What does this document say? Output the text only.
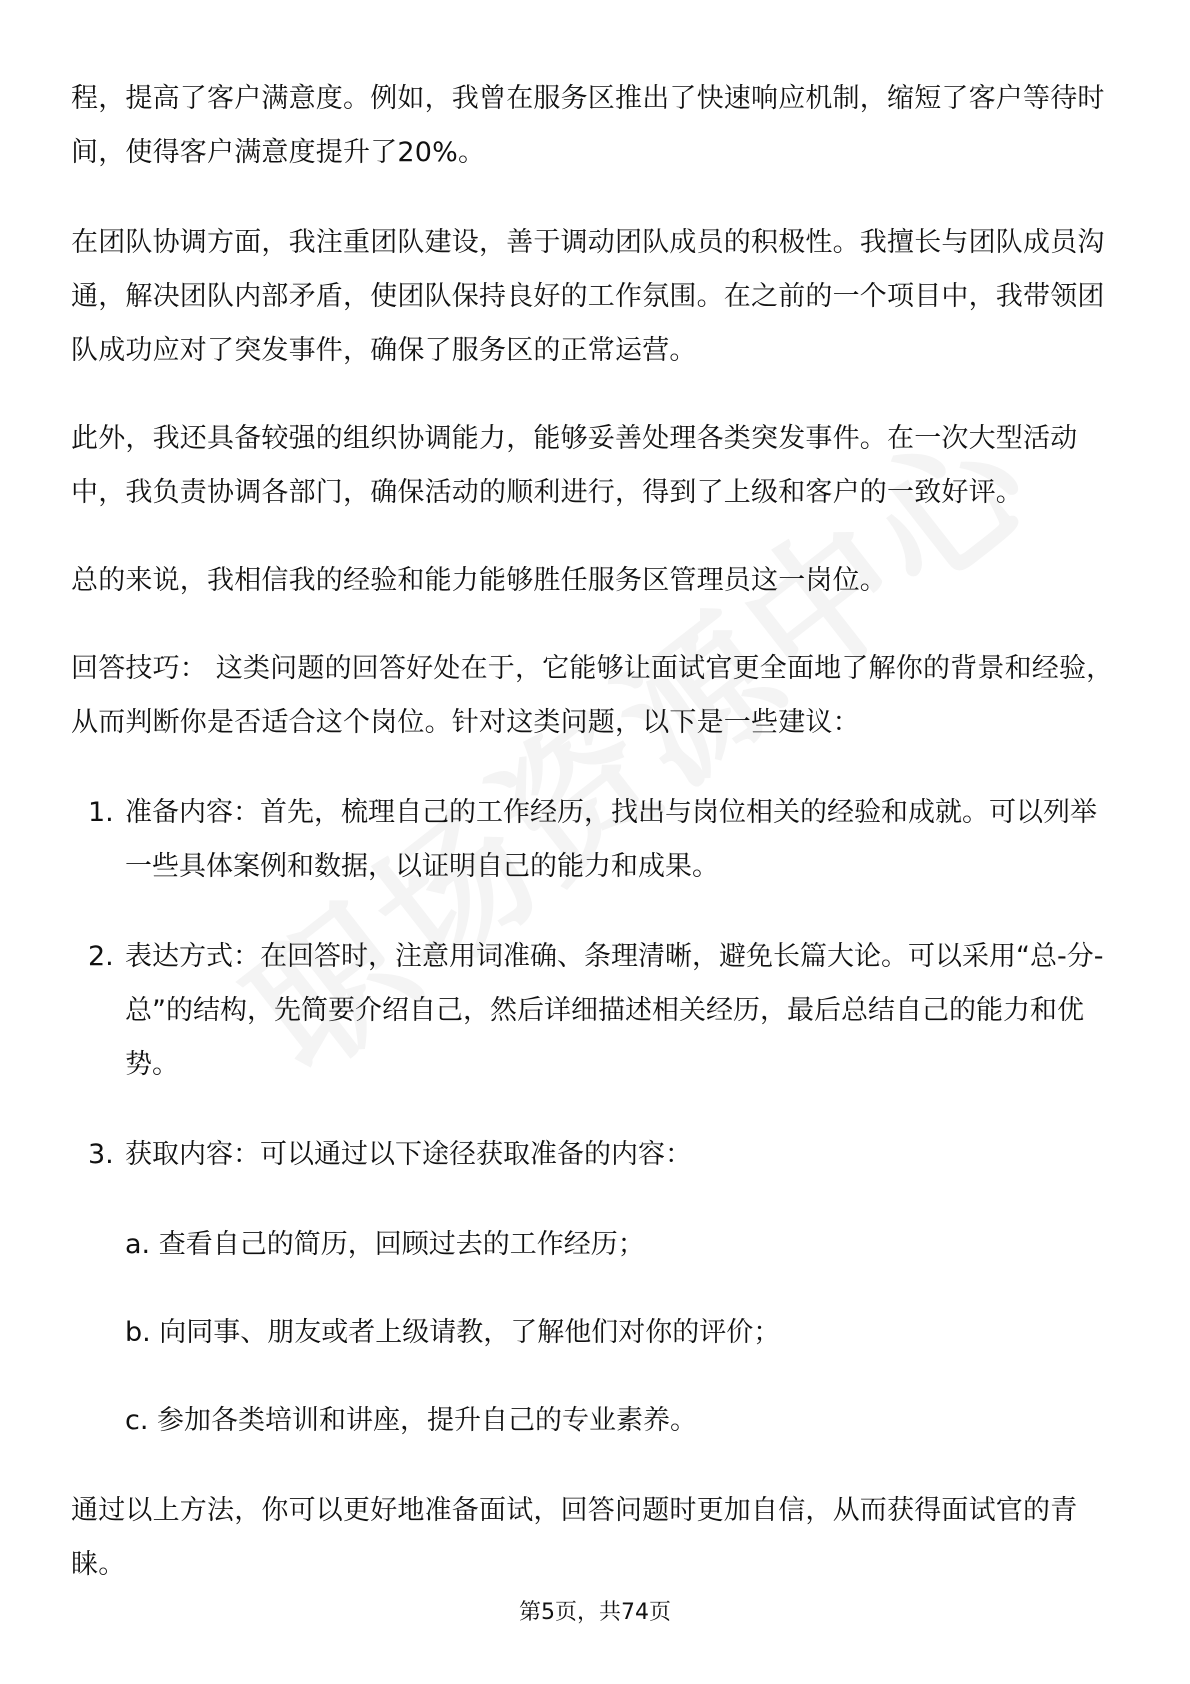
程，提高了客户满意度。例如，我曾在服务区推出了快速响应机制，缩短了客户等待时间，使得客户满意度提升了20%。

在团队协调方面，我注重团队建设，善于调动团队成员的积极性。我擅长与团队成员沟通，解决团队内部矛盾，使团队保持良好的工作氛围。在之前的一个项目中，我带领团队成功应对了突发事件，确保了服务区的正常运营。

此外，我还具备较强的组织协调能力，能够妥善处理各类突发事件。在一次大型活动中，我负责协调各部门，确保活动的顺利进行，得到了上级和客户的一致好评。

总的来说，我相信我的经验和能力能够胜任服务区管理员这一岗位。

回答技巧： 这类问题的回答好处在于，它能够让面试官更全面地了解你的背景和经验，从而判断你是否适合这个岗位。针对这类问题，以下是一些建议：

1. 准备内容：首先，梳理自己的工作经历，找出与岗位相关的经验和成就。可以列举一些具体案例和数据，以证明自己的能力和成果。
2. 表达方式：在回答时，注意用词准确、条理清晰，避免长篇大论。可以采用“总-分-总”的结构，先简要介绍自己，然后详细描述相关经历，最后总结自己的能力和优势。
3. 获取内容：可以通过以下途径获取准备的内容：
a. 查看自己的简历，回顾过去的工作经历；
b. 向同事、朋友或者上级请教，了解他们对你的评价；
c. 参加各类培训和讲座，提升自己的专业素养。

通过以上方法，你可以更好地准备面试，回答问题时更加自信，从而获得面试官的青睐。

第5页，共74页
